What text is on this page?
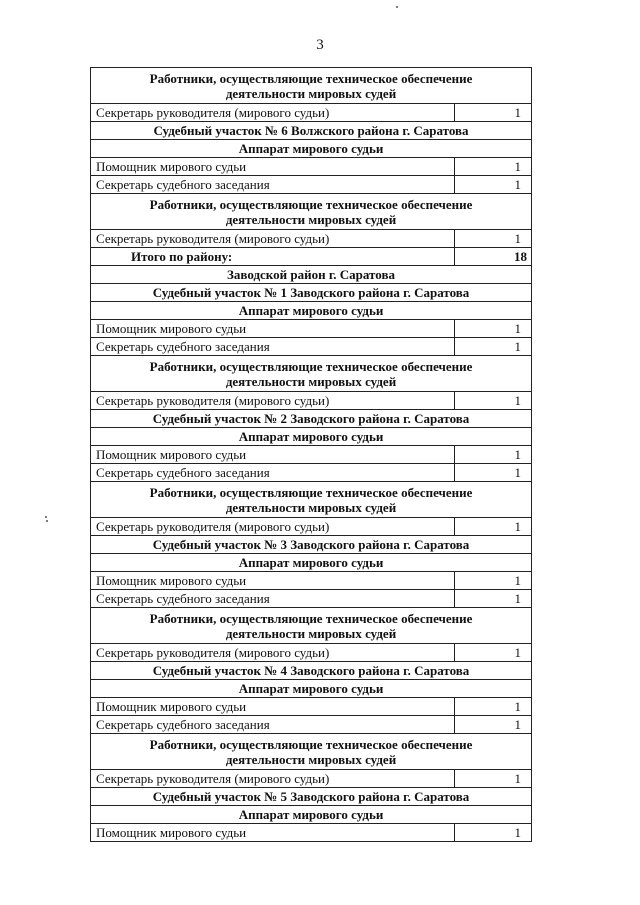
3
Работники, осуществляющие техническое обеспечение деятельности мировых судей	
Секретарь руководителя (мирового судьи)	1
Судебный участок № 6 Волжского района г. Саратова	
Аппарат мирового судьи	
Помощник мирового судьи	1
Секретарь судебного заседания	1
Работники, осуществляющие техническое обеспечение деятельности мировых судей	
Секретарь руководителя (мирового судьи)	1
Итого по району:	18
Заводской район г. Саратова	
Судебный участок № 1 Заводского района г. Саратова	
Аппарат мирового судьи	
Помощник мирового судьи	1
Секретарь судебного заседания	1
Работники, осуществляющие техническое обеспечение деятельности мировых судей	
Секретарь руководителя (мирового судьи)	1
Судебный участок № 2 Заводского района г. Саратова	
Аппарат мирового судьи	
Помощник мирового судьи	1
Секретарь судебного заседания	1
Работники, осуществляющие техническое обеспечение деятельности мировых судей	
Секретарь руководителя (мирового судьи)	1
Судебный участок № 3 Заводского района г. Саратова	
Аппарат мирового судьи	
Помощник мирового судьи	1
Секретарь судебного заседания	1
Работники, осуществляющие техническое обеспечение деятельности мировых судей	
Секретарь руководителя (мирового судьи)	1
Судебный участок № 4 Заводского района г. Саратова	
Аппарат мирового судьи	
Помощник мирового судьи	1
Секретарь судебного заседания	1
Работники, осуществляющие техническое обеспечение деятельности мировых судей	
Секретарь руководителя (мирового судьи)	1
Судебный участок № 5 Заводского района г. Саратова	
Аппарат мирового судьи	
Помощник мирового судьи	1
